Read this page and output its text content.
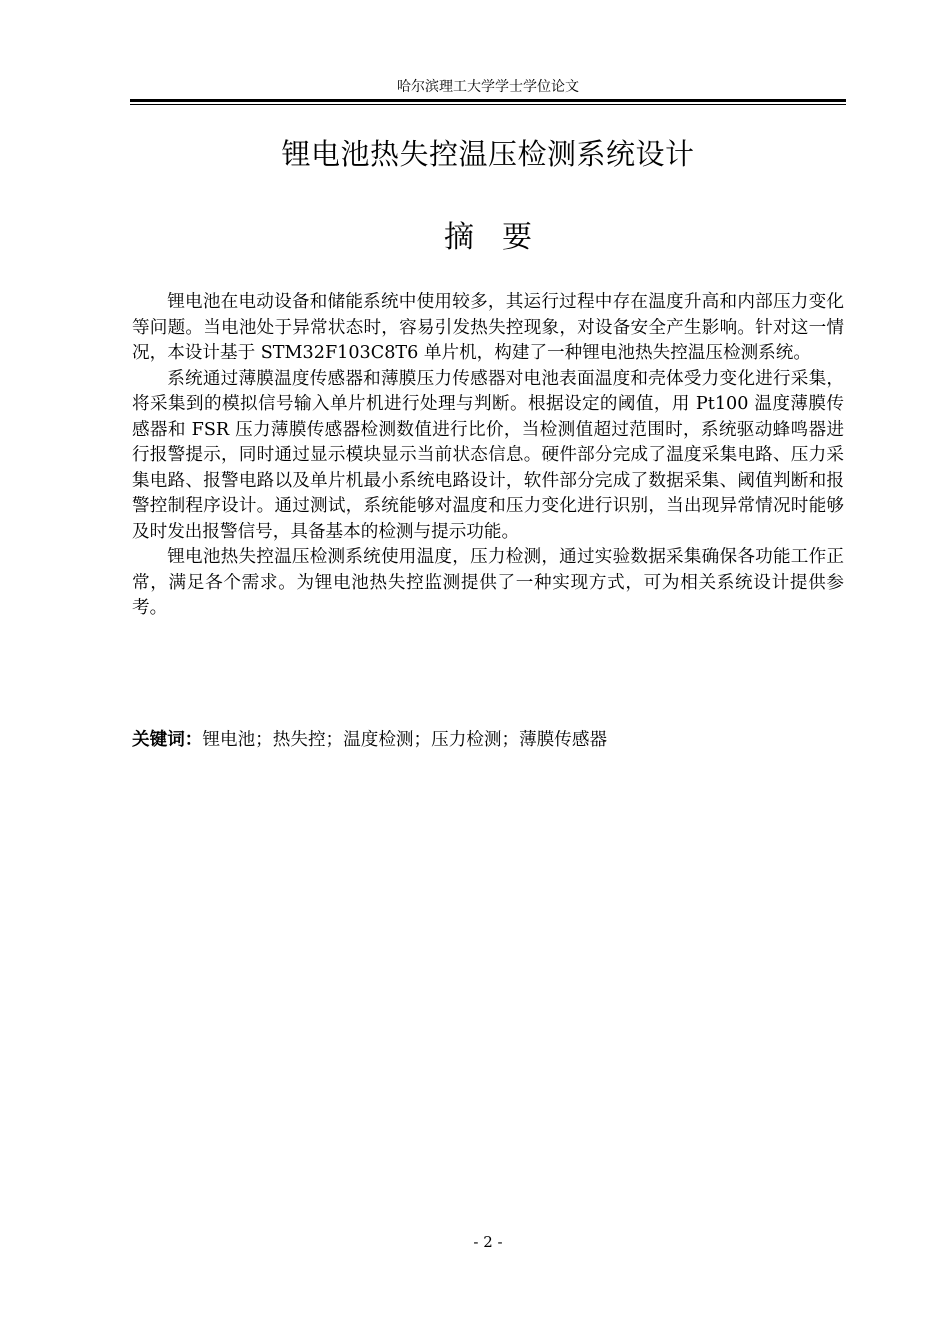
哈尔滨理工大学学士学位论文
锂电池热失控温压检测系统设计
摘要

锂电池在电动设备和储能系统中使用较多，其运行过程中存在温度升高和内部压力变化等问题。当电池处于异常状态时，容易引发热失控现象，对设备安全产生影响。针对这一情况，本设计基于 STM32F103C8T6 单片机，构建了一种锂电池热失控温压检测系统。

系统通过薄膜温度传感器和薄膜压力传感器对电池表面温度和壳体受力变化进行采集，将采集到的模拟信号输入单片机进行处理与判断。根据设定的阈值，用 Pt100 温度薄膜传感器和 FSR 压力薄膜传感器检测数值进行比价，当检测值超过范围时，系统驱动蜂鸣器进行报警提示，同时通过显示模块显示当前状态信息。硬件部分完成了温度采集电路、压力采集电路、报警电路以及单片机最小系统电路设计，软件部分完成了数据采集、阈值判断和报警控制程序设计。通过测试，系统能够对温度和压力变化进行识别，当出现异常情况时能够及时发出报警信号，具备基本的检测与提示功能。

锂电池热失控温压检测系统使用温度，压力检测，通过实验数据采集确保各功能工作正常，满足各个需求。为锂电池热失控监测提供了一种实现方式，可为相关系统设计提供参考。

关键词：锂电池；热失控；温度检测；压力检测；薄膜传感器
- 2 -
